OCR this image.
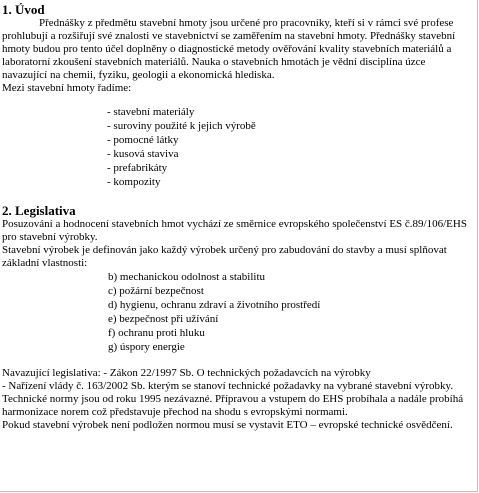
1. Úvod

Přednášky z předmětu stavební hmoty jsou určené pro pracovníky, kteří si v rámci své profese prohlubují a rozšiřují své znalosti ve stavebnictví se zaměřením na stavební hmoty. Přednášky stavební hmoty budou pro tento účel doplněny o diagnostické metody ověřování kvality stavebních materiálů a laboratorní zkoušení stavebních materiálů. Nauka o stavebních hmotách je vědní disciplína úzce navazující na chemii, fyziku, geologii a ekonomická hlediska.

Mezi stavební hmoty řadíme:

- stavební materiály
- suroviny použité k jejich výrobě
- pomocné látky
- kusová staviva
- prefabrikáty
- kompozity
2. Legislativa

Posuzování a hodnocení stavebních hmot vychází ze směrnice evropského společenství ES č.89/106/EHS pro stavební výrobky.

Stavební výrobek je definován jako každý výrobek určený pro zabudování do stavby a musí splňovat základní vlastnosti:

b) mechanickou odolnost a stabilitu
c) požární bezpečnost
d) hygienu, ochranu zdraví a životního prostředí
e) bezpečnost při užívání
f) ochranu proti hluku
g) úspory energie

Navazující legislativa: - Zákon 22/1997 Sb. O technických požadavcích na výrobky

- Nařízení vlády č. 163/2002 Sb. kterým se stanoví technické požadavky na vybrané stavební výrobky.

Technické normy jsou od roku 1995 nezávazné. Přípravou a vstupem do EHS probíhala a nadále probíhá harmonizace norem což představuje přechod na shodu s evropskými normami.

Pokud stavební výrobek není podložen normou musí se vystavit ETO – evropské technické osvědčení.
